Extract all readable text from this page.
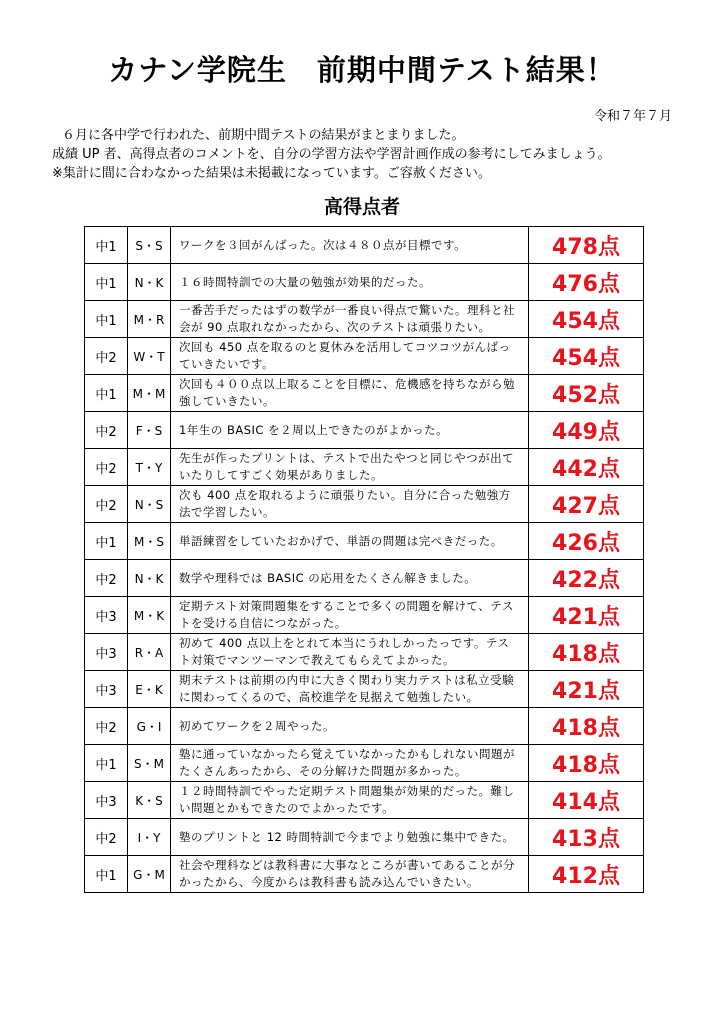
カナン学院生　前期中間テスト結果！
令和７年７月
６月に各中学で行われた、前期中間テストの結果がまとまりました。
成績 UP 者、高得点者のコメントを、自分の学習方法や学習計画作成の参考にしてみましょう。
※集計に間に合わなかった結果は未掲載になっています。ご容赦ください。
高得点者
中1	S・S	ワークを３回がんばった。次は４８０点が目標です。	478点
中1	N・K	１６時間特訓での大量の勉強が効果的だった。	476点
中1	M・R	一番苦手だったはずの数学が一番良い得点で驚いた。理科と社会が 90 点取れなかったから、次のテストは頑張りたい。	454点
中2	W・T	次回も 450 点を取るのと夏休みを活用してコツコツがんばっていきたいです。	454点
中1	M・M	次回も４００点以上取ることを目標に、危機感を持ちながら勉強していきたい。	452点
中2	F・S	1年生の BASIC を２周以上できたのがよかった。	449点
中2	T・Y	先生が作ったプリントは、テストで出たやつと同じやつが出ていたりしてすごく効果がありました。	442点
中2	N・S	次も 400 点を取れるように頑張りたい。自分に合った勉強方法で学習したい。	427点
中1	M・S	単語練習をしていたおかげで、単語の問題は完ぺきだった。	426点
中2	N・K	数学や理科では BASIC の応用をたくさん解きました。	422点
中3	M・K	定期テスト対策問題集をすることで多くの問題を解けて、テストを受ける自信につながった。	421点
中3	R・A	初めて 400 点以上をとれて本当にうれしかったっです。テスト対策でマンツーマンで教えてもらえてよかった。	418点
中3	E・K	期末テストは前期の内申に大きく関わり実力テストは私立受験に関わってくるので、高校進学を見据えて勉強したい。	421点
中2	G・I	初めてワークを２周やった。	418点
中1	S・M	塾に通っていなかったら覚えていなかったかもしれない問題がたくさんあったから、その分解けた問題が多かった。	418点
中3	K・S	１２時間特訓でやった定期テスト問題集が効果的だった。難しい問題とかもできたのでよかったです。	414点
中2	I・Y	塾のプリントと 12 時間特訓で今までより勉強に集中できた。	413点
中1	G・M	社会や理科などは教科書に大事なところが書いてあることが分かったから、今度からは教科書も読み込んでいきたい。	412点
